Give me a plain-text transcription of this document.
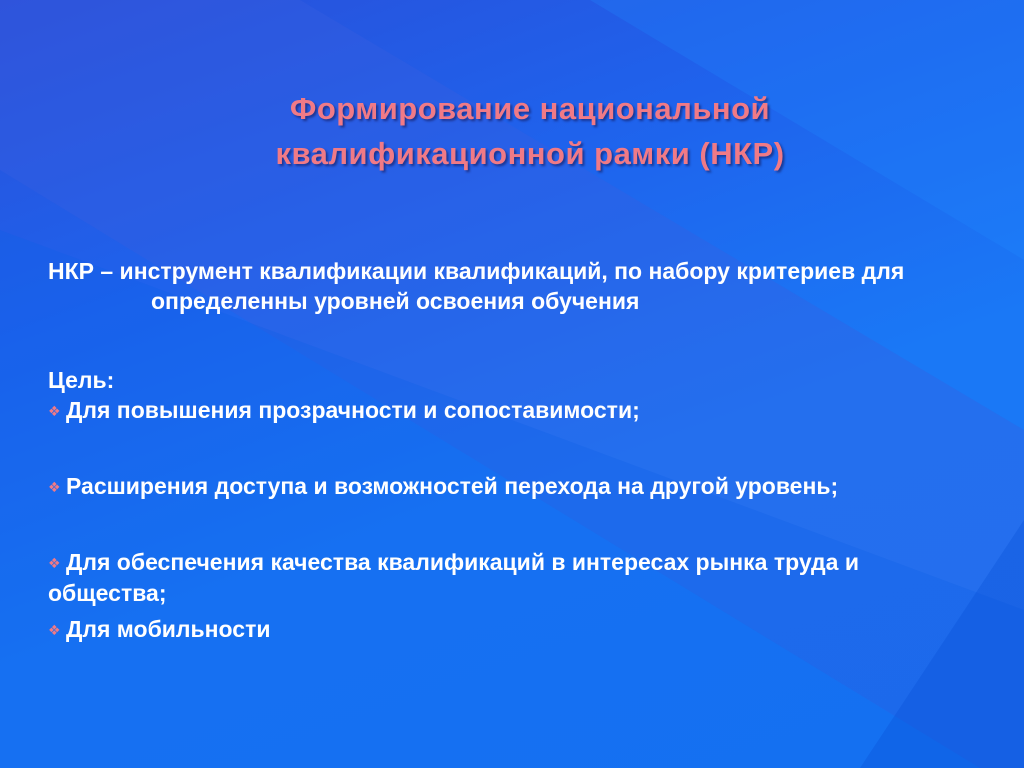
Формирование национальной
квалификационной рамки (НКР)

НКР – инструмент квалификации квалификаций, по набору критериев для определенны уровней освоения обучения

Цель:

❖ Для повышения прозрачности и сопоставимости;

❖ Расширения доступа и возможностей перехода на другой уровень;

❖ Для обеспечения качества квалификаций в интересах рынка труда и общества;

❖ Для мобильности
